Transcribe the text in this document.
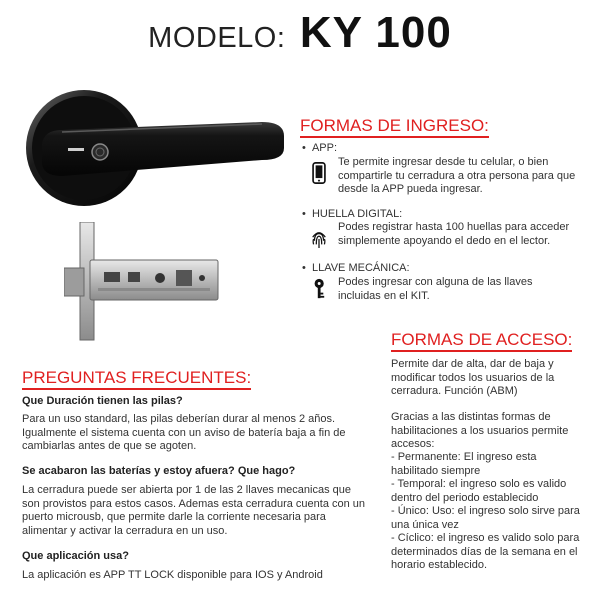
MODELO: KY 100
FORMAS DE INGRESO:
•  APP:
Te permite ingresar desde tu celular, o bien compartirle tu cerradura a otra persona para que desde la APP pueda ingresar.
•  HUELLA DIGITAL:
Podes registrar hasta 100 huellas para acceder simplemente apoyando el dedo en el lector.
•  LLAVE MECÁNICA:
Podes ingresar con alguna de las llaves incluidas en el KIT.
FORMAS DE ACCESO:
Permite dar de alta, dar de baja y modificar todos los usuarios de la cerradura. Función (ABM)
Gracias a las distintas formas de habilitaciones a los usuarios permite accesos:
- Permanente: El ingreso esta habilitado siempre
- Temporal: el ingreso solo es valido dentro del periodo establecido
- Único: Uso: el ingreso solo sirve para una única vez
- Cíclico: el ingreso es valido solo para determinados días de la semana en el horario establecido.
PREGUNTAS FRECUENTES:
Que Duración tienen las pilas?
Para un uso standard, las pilas deberían durar al menos 2 años. Igualmente el sistema cuenta con un aviso de batería baja a fin de cambiarlas antes de que se agoten.
Se acabaron las baterías y estoy afuera? Que hago?
La cerradura puede ser abierta por 1 de las 2 llaves mecanicas que son provistos para estos casos. Ademas esta cerradura cuenta con un puerto microusb, que permite darle la corriente necesaria para alimentar y activar la cerradura en un uso.
Que aplicación usa?
La aplicación es APP TT LOCK disponible para IOS y Android
